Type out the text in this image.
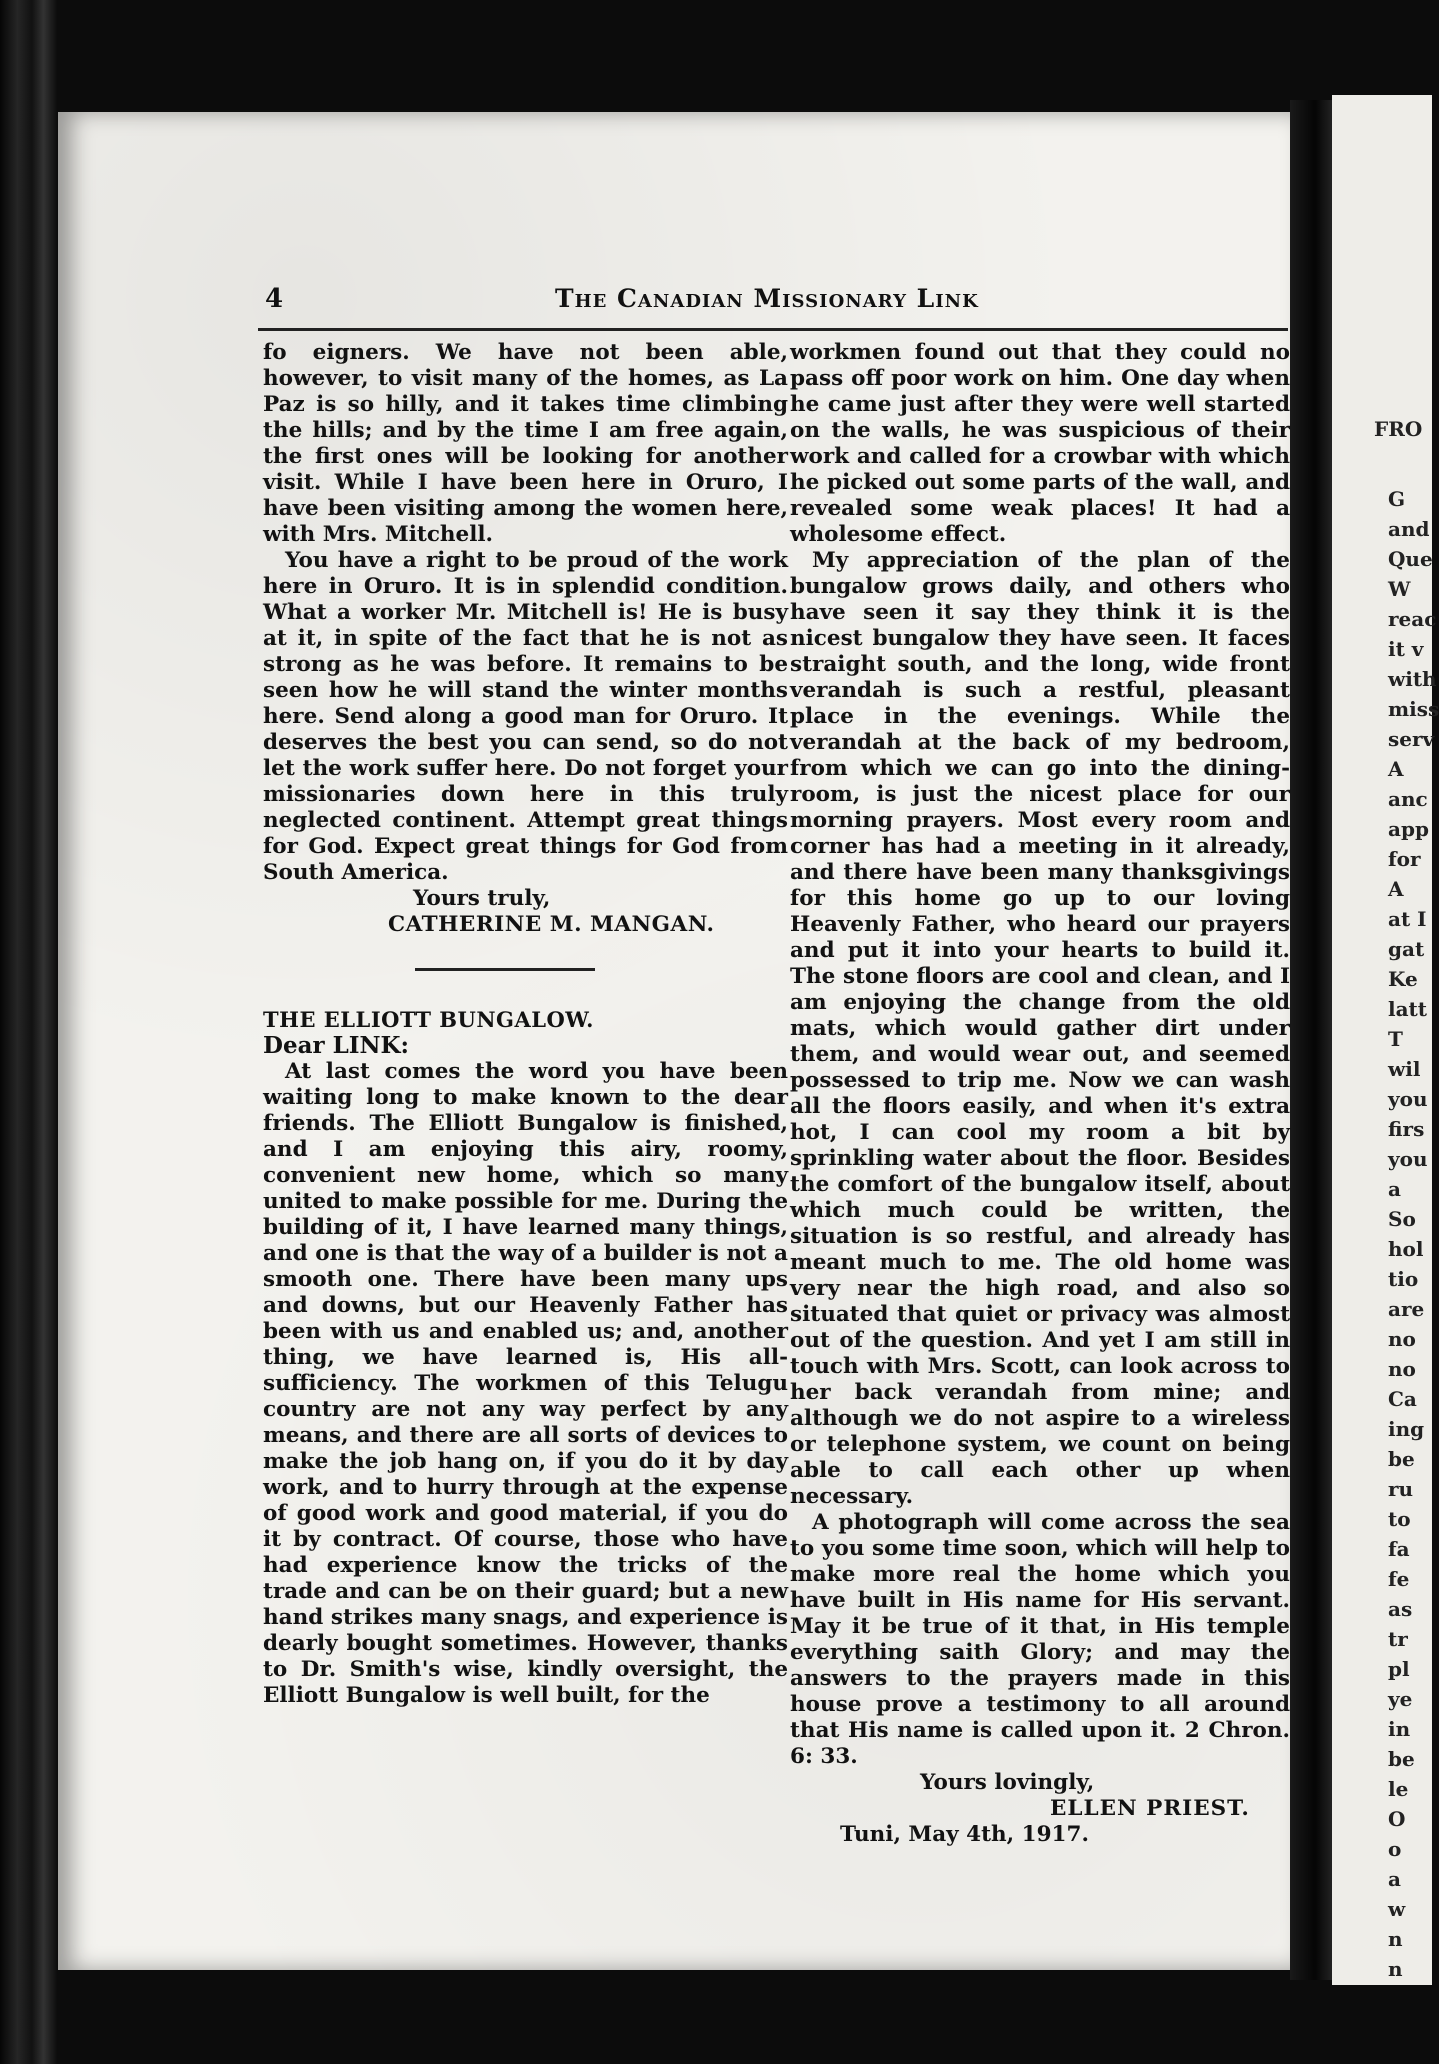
4	The Canadian Missionary Link

fo eigners. We have not been able, however, to visit many of the homes, as La Paz is so hilly, and it takes time climbing the hills; and by the time I am free again, the first ones will be looking for another visit. While I have been here in Oruro, I have been visiting among the women here, with Mrs. Mitchell.

You have a right to be proud of the work here in Oruro. It is in splendid condition. What a worker Mr. Mitchell is! He is busy at it, in spite of the fact that he is not as strong as he was before. It remains to be seen how he will stand the winter months here. Send along a good man for Oruro. It deserves the best you can send, so do not let the work suffer here. Do not forget your missionaries down here in this truly neglected continent. Attempt great things for God. Expect great things for God from South America.

Yours truly,

CATHERINE M. MANGAN.

THE ELLIOTT BUNGALOW.

Dear LINK:

At last comes the word you have been waiting long to make known to the dear friends. The Elliott Bungalow is finished, and I am enjoying this airy, roomy, convenient new home, which so many united to make possible for me. During the building of it, I have learned many things, and one is that the way of a builder is not a smooth one. There have been many ups and downs, but our Heavenly Father has been with us and enabled us; and, another thing, we have learned is, His all-sufficiency. The workmen of this Telugu country are not any way perfect by any means, and there are all sorts of devices to make the job hang on, if you do it by day work, and to hurry through at the expense of good work and good material, if you do it by contract. Of course, those who have had experience know the tricks of the trade and can be on their guard; but a new hand strikes many snags, and experience is dearly bought sometimes. However, thanks to Dr. Smith's wise, kindly oversight, the Elliott Bungalow is well built, for the

workmen found out that they could no pass off poor work on him. One day when he came just after they were well started on the walls, he was suspicious of their work and called for a crowbar with which he picked out some parts of the wall, and revealed some weak places! It had a wholesome effect.

My appreciation of the plan of the bungalow grows daily, and others who have seen it say they think it is the nicest bungalow they have seen. It faces straight south, and the long, wide front verandah is such a restful, pleasant place in the evenings. While the verandah at the back of my bedroom, from which we can go into the dining-room, is just the nicest place for our morning prayers. Most every room and corner has had a meeting in it already, and there have been many thanksgivings for this home go up to our loving Heavenly Father, who heard our prayers and put it into your hearts to build it. The stone floors are cool and clean, and I am enjoying the change from the old mats, which would gather dirt under them, and would wear out, and seemed possessed to trip me. Now we can wash all the floors easily, and when it's extra hot, I can cool my room a bit by sprinkling water about the floor. Besides the comfort of the bungalow itself, about which much could be written, the situation is so restful, and already has meant much to me. The old home was very near the high road, and also so situated that quiet or privacy was almost out of the question. And yet I am still in touch with Mrs. Scott, can look across to her back verandah from mine; and although we do not aspire to a wireless or telephone system, we count on being able to call each other up when necessary.

A photograph will come across the sea to you some time soon, which will help to make more real the home which you have built in His name for His servant. May it be true of it that, in His temple everything saith Glory; and may the answers to the prayers made in this house prove a testimony to all around that His name is called upon it. 2 Chron. 6: 33.

Yours lovingly,

ELLEN PRIEST.

Tuni, May 4th, 1917.

FRO
G
and
Que
W
reac
it v
with
miss
serv
A
anc
app
for
A
at I
gat
Ke
latt
T
wil
you
firs
you
a
So
hol
tio
are
no
no
Ca
ing
be
ru
to
fa
fe
as
tr
pl
ye
in
be
le
O
o
a
w
n
n
